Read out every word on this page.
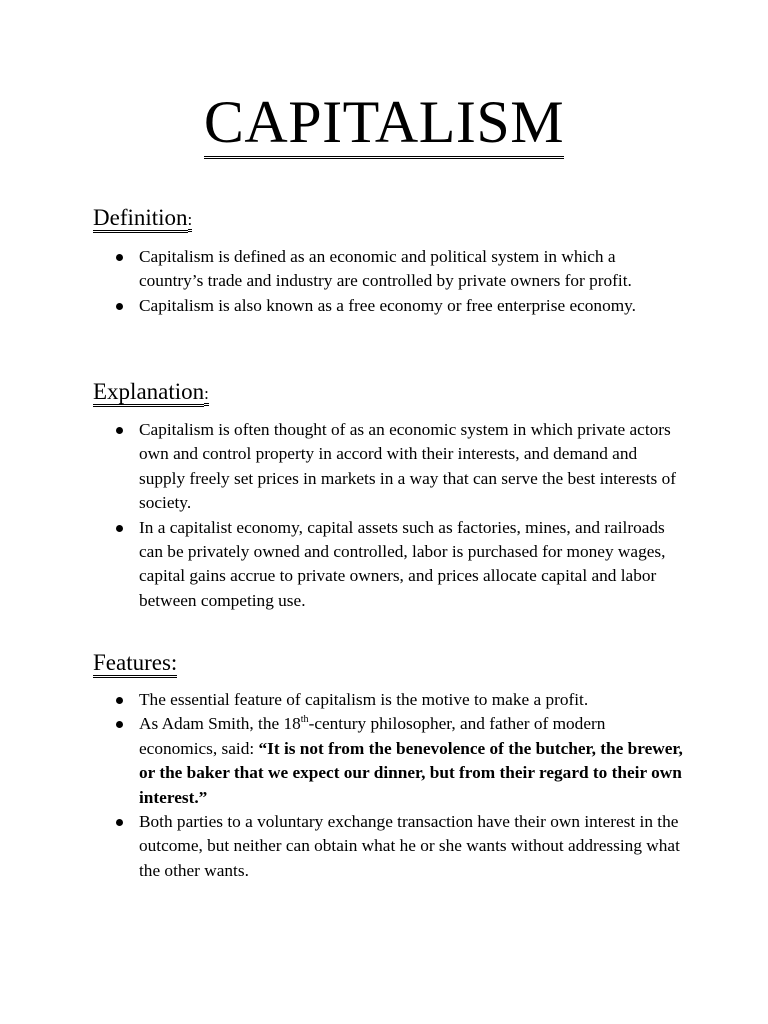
CAPITALISM
Definition:
Capitalism is defined as an economic and political system in which a country’s trade and industry are controlled by private owners for profit.
Capitalism is also known as a free economy or free enterprise economy.
Explanation:
Capitalism is often thought of as an economic system in which private actors own and control property in accord with their interests, and demand and supply freely set prices in markets in a way that can serve the best interests of society.
In a capitalist economy, capital assets such as factories, mines, and railroads can be privately owned and controlled, labor is purchased for money wages, capital gains accrue to private owners, and prices allocate capital and labor between competing use.
Features:
The essential feature of capitalism is the motive to make a profit.
As Adam Smith, the 18th-century philosopher, and father of modern economics, said: “It is not from the benevolence of the butcher, the brewer, or the baker that we expect our dinner, but from their regard to their own interest.”
Both parties to a voluntary exchange transaction have their own interest in the outcome, but neither can obtain what he or she wants without addressing what the other wants.
